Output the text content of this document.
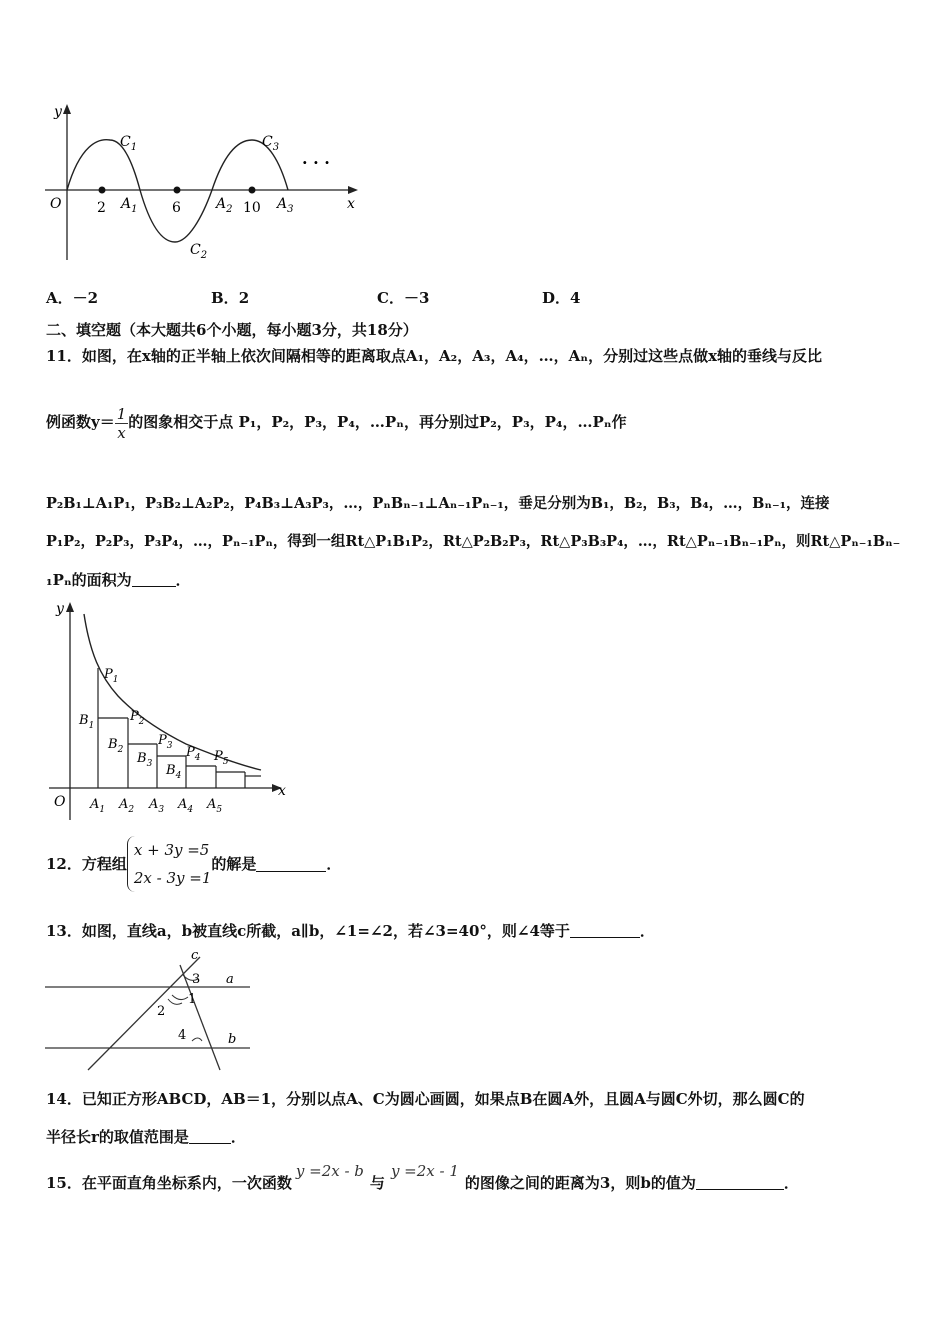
y
x
O	2	6	10
$C_1$
$C_2$
$C_3$
$A_1$	$A_2$	$A_3$
· · ·
A．－2	B．2	C．－3	D．4
二、填空题（本大题共6个小题，每小题3分，共18分）
11．如图，在x轴的正半轴上依次间隔相等的距离取点A₁，A₂，A₃，A₄，…，Aₙ，分别过这些点做x轴的垂线与反比
例函数$y= \frac{1}{x}$ 的图象相交于点 P₁，P₂，P₃，P₄，…Pₙ，再分别过P₂，P₃，P₄，…Pₙ作
P₂B₁⊥A₁P₁，P₃B₂⊥A₂P₂，P₄B₃⊥A₃P₃，…，PₙBₙ₋₁⊥Aₙ₋₁Pₙ₋₁，垂足分别为B₁，B₂，B₃，B₄，…，Bₙ₋₁，连接
P₁P₂，P₂P₃，P₃P₄，…，Pₙ₋₁Pₙ，得到一组Rt△P₁B₁P₂，Rt△P₂B₂P₃，Rt△P₃B₃P₄，…，Rt△Pₙ₋₁Bₙ₋₁Pₙ，则Rt△Pₙ₋₁Bₙ₋
₁Pₙ的面积为	．
y
x
O
$P_1$
$P_2$
$P_3$ $P_4$ $P_5$
$B_1$
$B_2$
$B_3$ $B_4$
$A_1$ $A_2$ $A_3$ $A_4$ $A_5$
12．方程组
x + 3y =5
2x - 3y =1
的解是	．
13．如图，直线a，b被直线c所截，a∥b，∠1=∠2，若∠3=40°，则∠4等于	．
c
3 a
1
2
4	b
14．已知正方形ABCD，AB＝1，分别以点A、C为圆心画圆，如果点B在圆A外，且圆A与圆C外切，那么圆C的
半径长r的取值范围是	．
15．在平面直角坐标系内，一次函数y =2x - b与y =2x - 1的图像之间的距离为3，则b的值为	．
